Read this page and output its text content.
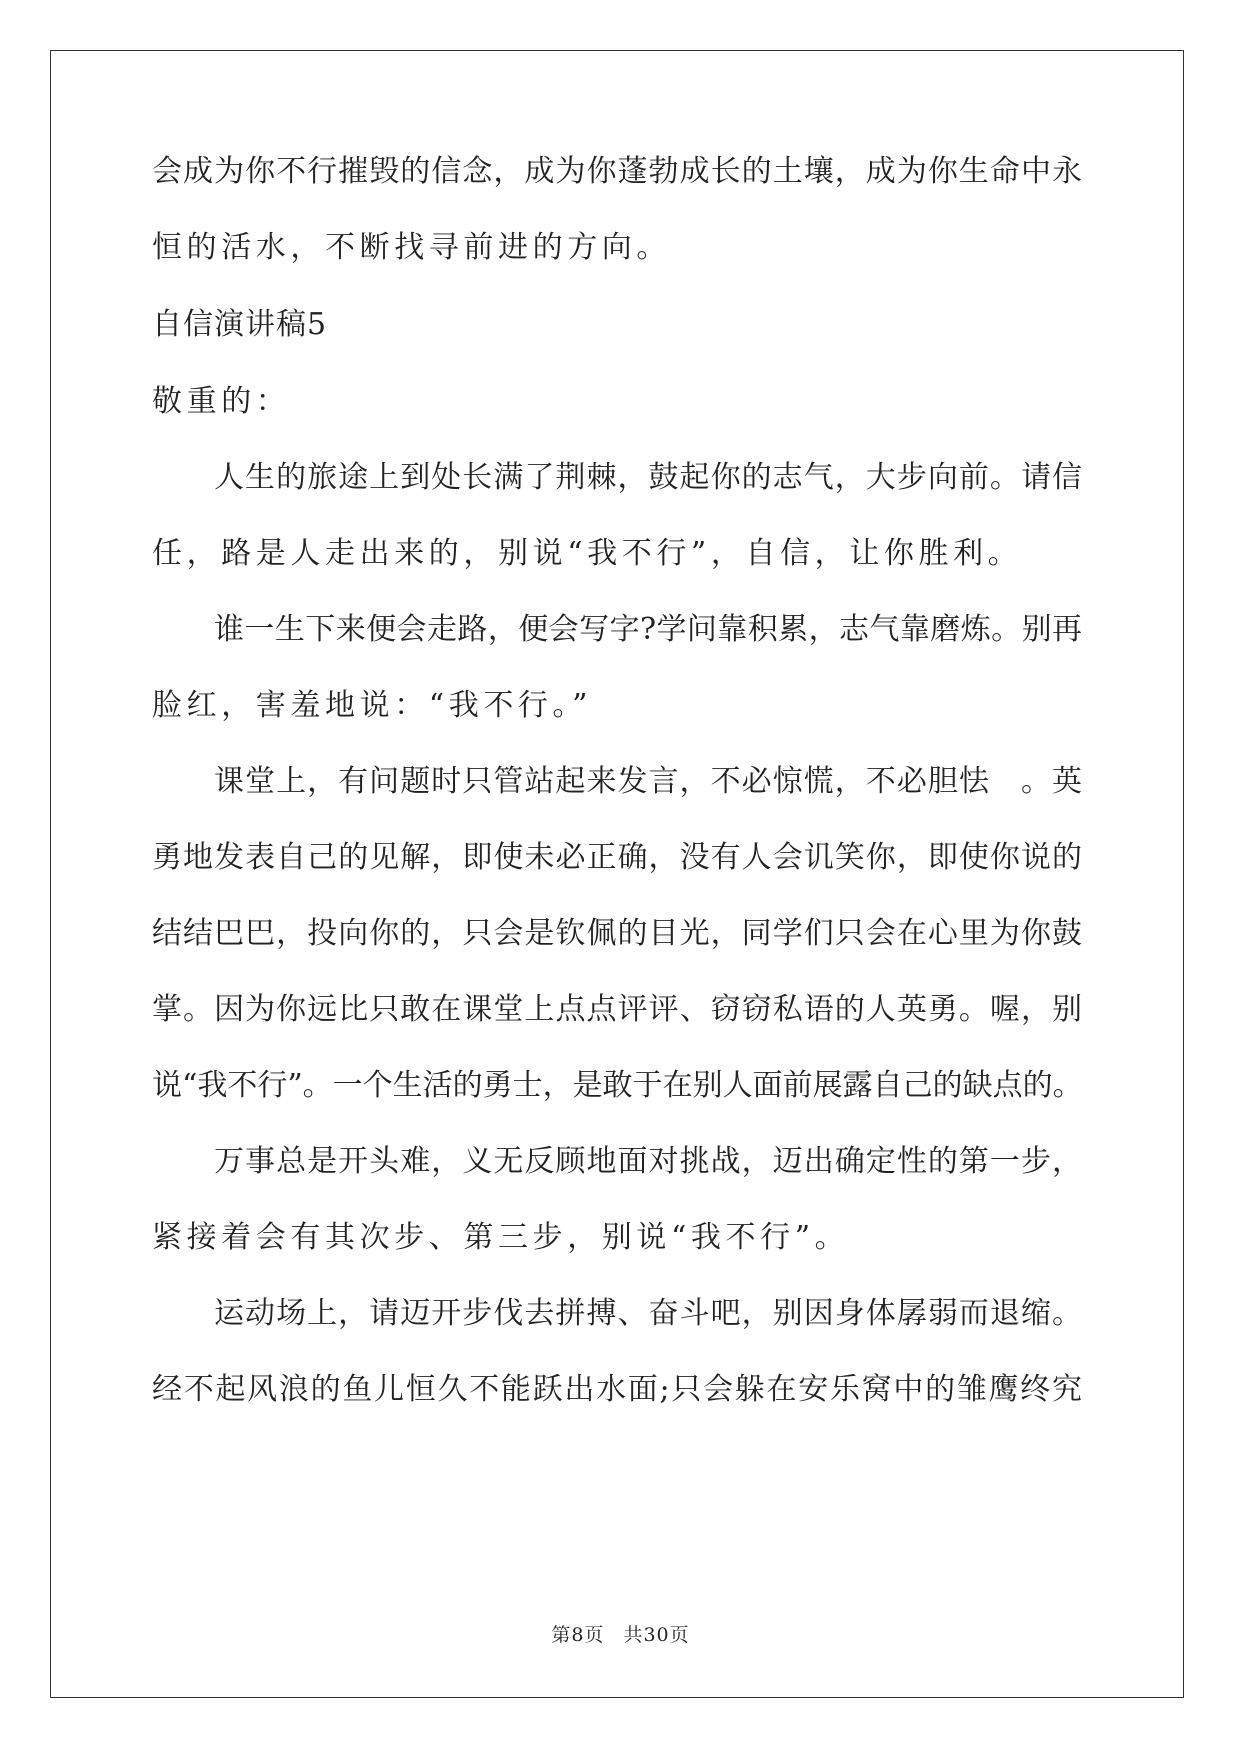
会成为你不行摧毁的信念，成为你蓬勃成长的土壤，成为你生命中永
恒的活水，不断找寻前进的方向。
自信演讲稿5
敬重的：
人生的旅途上到处长满了荆棘，鼓起你的志气，大步向前。请信
任，路是人走出来的，别说“我不行”，自信，让你胜利。
谁一生下来便会走路，便会写字?学问靠积累，志气靠磨炼。别再
脸红，害羞地说：“我不行。”
课堂上，有问题时只管站起来发言，不必惊慌，不必胆怯　。英
勇地发表自己的见解，即使未必正确，没有人会讥笑你，即使你说的
结结巴巴，投向你的，只会是钦佩的目光，同学们只会在心里为你鼓
掌。因为你远比只敢在课堂上点点评评、窃窃私语的人英勇。喔，别
说“我不行”。一个生活的勇士，是敢于在别人面前展露自己的缺点的。
万事总是开头难，义无反顾地面对挑战，迈出确定性的第一步，
紧接着会有其次步、第三步，别说“我不行”。
运动场上，请迈开步伐去拼搏、奋斗吧，别因身体孱弱而退缩。
经不起风浪的鱼儿恒久不能跃出水面;只会躲在安乐窝中的雏鹰终究
第8页 共30页
